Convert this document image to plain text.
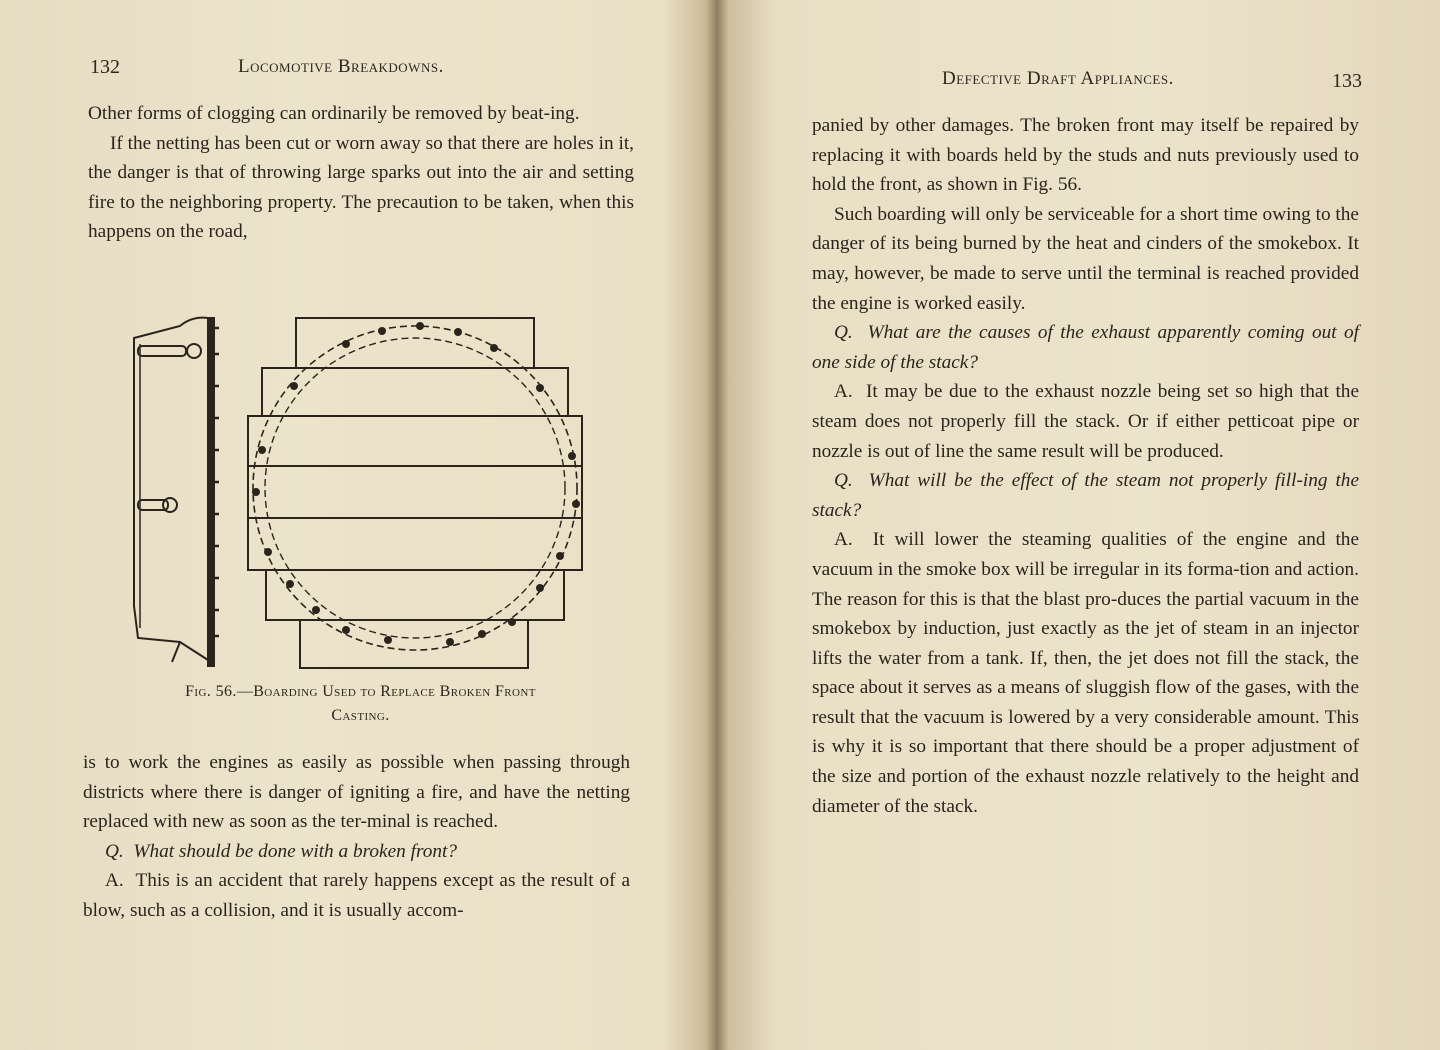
132	Locomotive Breakdowns.

Other forms of clogging can ordinarily be removed by beat-ing.

If the netting has been cut or worn away so that there are holes in it, the danger is that of throwing large sparks out into the air and setting fire to the neighboring property. The precaution to be taken, when this happens on the road,

Fig. 56.—Boarding Used to Replace Broken Front
Casting.

is to work the engines as easily as possible when passing through districts where there is danger of igniting a fire, and have the netting replaced with new as soon as the ter-minal is reached.

Q. What should be done with a broken front?

A. This is an accident that rarely happens except as the result of a blow, such as a collision, and it is usually accom-

Defective Draft Appliances.	133

panied by other damages. The broken front may itself be repaired by replacing it with boards held by the studs and nuts previously used to hold the front, as shown in Fig. 56.

Such boarding will only be serviceable for a short time owing to the danger of its being burned by the heat and cinders of the smokebox. It may, however, be made to serve until the terminal is reached provided the engine is worked easily.

Q. What are the causes of the exhaust apparently coming out of one side of the stack?

A. It may be due to the exhaust nozzle being set so high that the steam does not properly fill the stack. Or if either petticoat pipe or nozzle is out of line the same result will be produced.

Q. What will be the effect of the steam not properly fill-ing the stack?

A. It will lower the steaming qualities of the engine and the vacuum in the smoke box will be irregular in its forma-tion and action. The reason for this is that the blast pro-duces the partial vacuum in the smokebox by induction, just exactly as the jet of steam in an injector lifts the water from a tank. If, then, the jet does not fill the stack, the space about it serves as a means of sluggish flow of the gases, with the result that the vacuum is lowered by a very considerable amount. This is why it is so important that there should be a proper adjustment of the size and portion of the exhaust nozzle relatively to the height and diameter of the stack.
